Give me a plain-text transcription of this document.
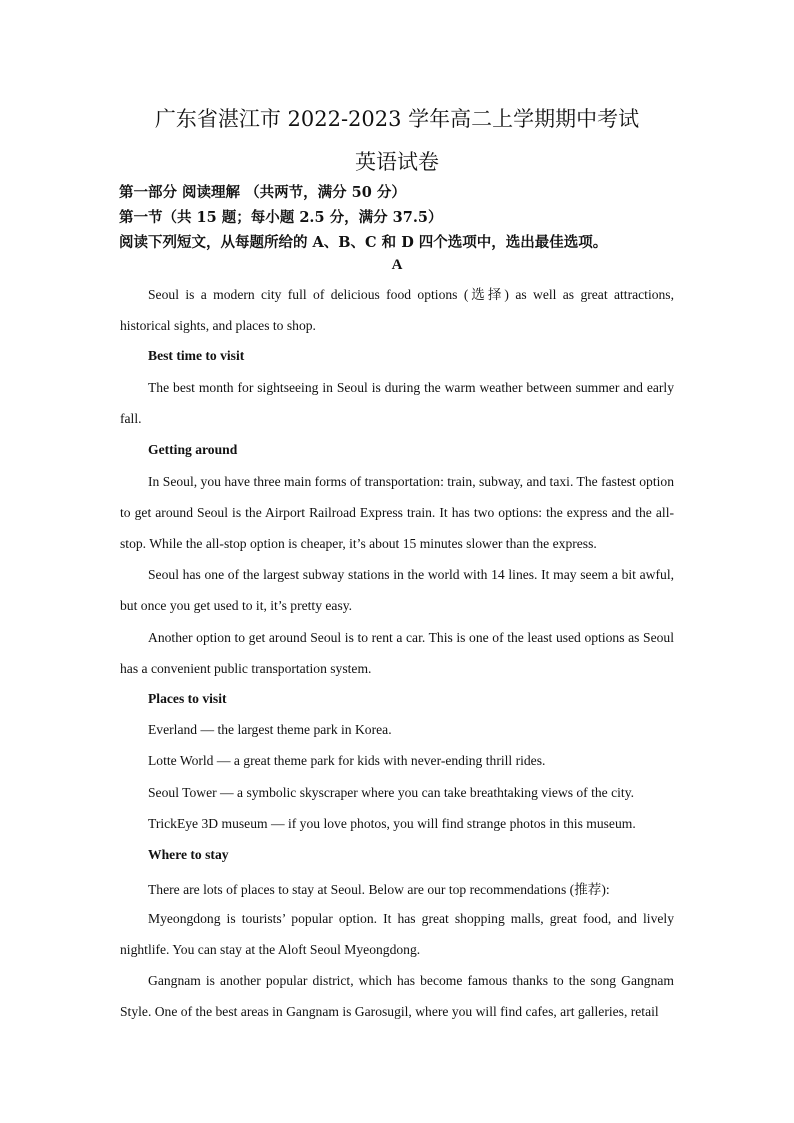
广东省湛江市 2022-2023 学年高二上学期期中考试
英语试卷
第一部分 阅读理解 （共两节，满分 50 分）
第一节（共 15 题；每小题 2.5 分，满分 37.5）
阅读下列短文，从每题所给的 A、B、C 和 D 四个选项中，选出最佳选项。
A
Seoul is a modern city full of delicious food options (选择) as well as great attractions, historical sights, and places to shop.
Best time to visit
The best month for sightseeing in Seoul is during the warm weather between summer and early fall.
Getting around
In Seoul, you have three main forms of transportation: train, subway, and taxi. The fastest option to get around Seoul is the Airport Railroad Express train. It has two options: the express and the all-stop. While the all-stop option is cheaper, it’s about 15 minutes slower than the express.
Seoul has one of the largest subway stations in the world with 14 lines. It may seem a bit awful, but once you get used to it, it’s pretty easy.
Another option to get around Seoul is to rent a car. This is one of the least used options as Seoul has a convenient public transportation system.
Places to visit
Everland — the largest theme park in Korea.
Lotte World — a great theme park for kids with never-ending thrill rides.
Seoul Tower — a symbolic skyscraper where you can take breathtaking views of the city.
TrickEye 3D museum — if you love photos, you will find strange photos in this museum.
Where to stay
There are lots of places to stay at Seoul. Below are our top recommendations (推荐):
Myeongdong is tourists’ popular option. It has great shopping malls, great food, and lively nightlife. You can stay at the Aloft Seoul Myeongdong.
Gangnam is another popular district, which has become famous thanks to the song Gangnam Style. One of the best areas in Gangnam is Garosugil, where you will find cafes, art galleries, retail
